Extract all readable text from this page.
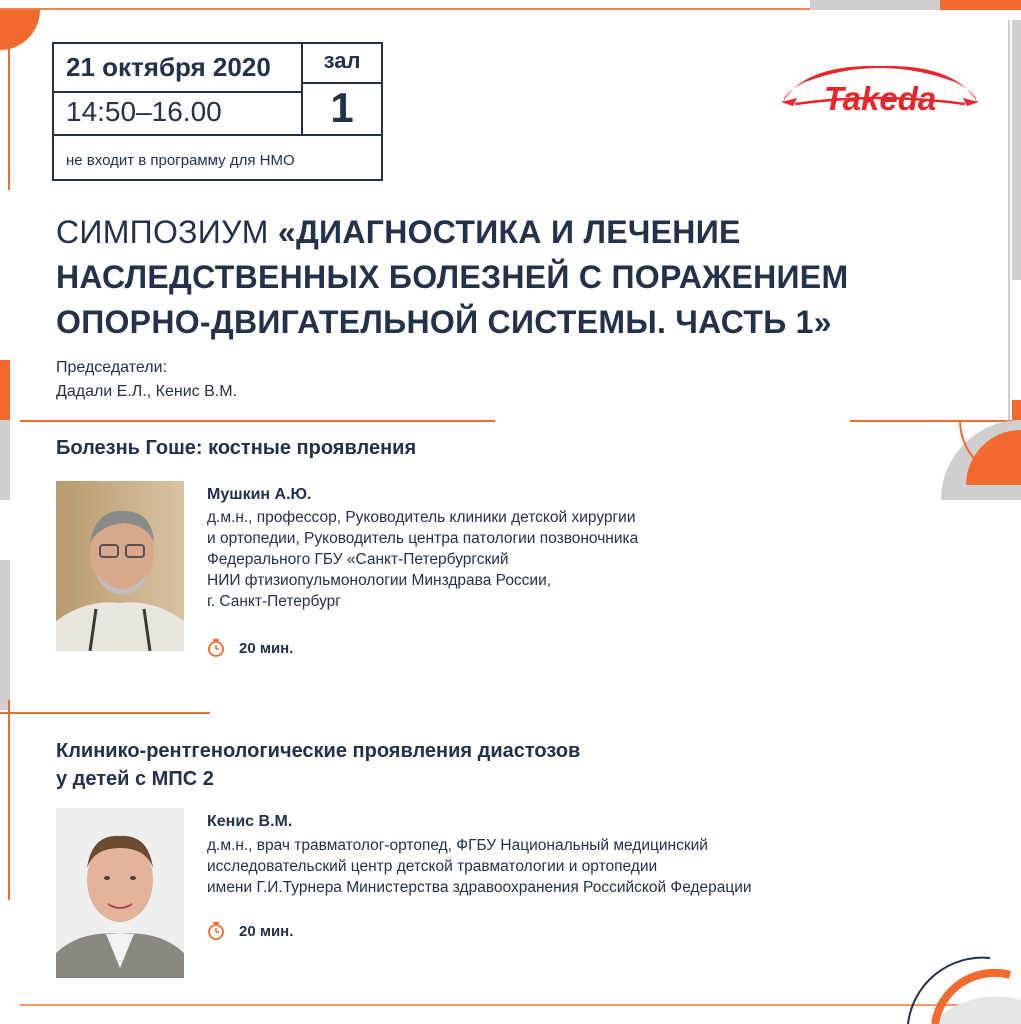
21 октября 2020
14:50–16.00
зал
1
не входит в программу для НМО
Takeda
СИМПОЗИУМ «ДИАГНОСТИКА И ЛЕЧЕНИЕ
НАСЛЕДСТВЕННЫХ БОЛЕЗНЕЙ С ПОРАЖЕНИЕМ
ОПОРНО-ДВИГАТЕЛЬНОЙ СИСТЕМЫ. ЧАСТЬ 1»
Председатели:
Дадали Е.Л., Кенис В.М.
Болезнь Гоше: костные проявления
Мушкин А.Ю.
д.м.н., профессор, Руководитель клиники детской хирургии
и ортопедии, Руководитель центра патологии позвоночника
Федерального ГБУ «Санкт-Петербургский
НИИ фтизиопульмонологии Минздрава России,
г. Санкт-Петербург
20 мин.
Клинико-рентгенологические проявления диастозов
у детей с МПС 2
Кенис В.М.
д.м.н., врач травматолог-ортопед, ФГБУ Национальный медицинский
исследовательский центр детской травматологии и ортопедии
имени Г.И.Турнера Министерства здравоохранения Российской Федерации
20 мин.
